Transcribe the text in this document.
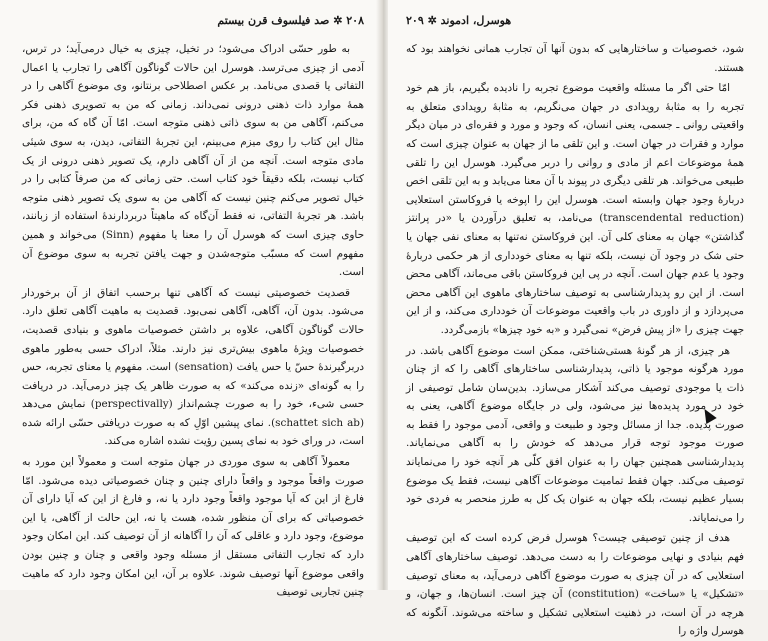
۲۰۸ ✲ صد فیلسوف قرن بیستم

به طور حسّی ادراک می‌شود؛ در تخیل، چیزی به خیال درمی‌آید؛ در ترس، آدمی از چیزی می‌ترسد. هوسرل این حالات گوناگون آگاهی را تجارب یا اعمال التفاتی یا قصدی می‌نامد. بر عکس اصطلاحی برنتانو، وی موضوع آگاهی را در همهٔ موارد ذات ذهنی درونی نمی‌داند. زمانی که من به تصویری ذهنی فکر می‌کنم، آگاهی من به سوی ذاتی ذهنی متوجه است. امّا آن گاه که من، برای مثال این کتاب را روی میزم می‌بینم، این تجربهٔ التفاتی، دیدن، به سوی شیئی مادی متوجه است. آنچه من از آن آگاهی دارم، یک تصویر ذهنی درونی از یک کتاب نیست، بلکه دقیقاً خود کتاب است. حتی زمانی که من صرفاً کتابی را در خیال تصویر می‌کنم چنین نیست که آگاهی من به سوی یک تصویر ذهنی متوجه باشد. هر تجربهٔ التفاتی، نه فقط آن‌گاه که ماهیتاً دربردارندهٔ استفاده از زبانند، حاوی چیزی است که هوسرل آن را معنا یا مفهوم (Sinn) می‌خواند و همین مفهوم است که مسبّب متوجه‌شدن و جهت یافتن تجربه به سوی موضوع آن است.

قصدیت خصوصیتی نیست که آگاهی تنها برحسب اتفاق از آن برخوردار می‌شود. بدون آن، آگاهی، آگاهی نمی‌بود. قصدیت به ماهیت آگاهی تعلق دارد. حالات گوناگون آگاهی، علاوه بر داشتن خصوصیات ماهوی و بنیادی قصدیت، خصوصیات ویژهٔ ماهوی بیش‌تری نیز دارند. مثلاً، ادراک حسی به‌طور ماهوی دربرگیرندهٔ حسّ یا حس یافت (sensation) است. مفهوم یا معنای تجربه، حس را به گونه‌ای «زنده می‌کند» که به صورت ظاهر یک چیز درمی‌آید. در دریافت حسی شیء، خود را به صورت چشم‌انداز (perspectivally) نمایش می‌دهد (schattet sich ab). نمای پیشین اوّلِ که به صورت دریافتی حسّی ارائه شده است، در ورای خود به نمای پسین رؤیت نشده اشاره می‌کند.

معمولاً آگاهی به سوی موردی در جهان متوجه است و معمولاً این مورد به صورت واقعاً موجود و واقعاً دارای چنین و چنان خصوصیاتی دیده می‌شود. امّا فارغ از این که آیا موجود واقعاً وجود دارد یا نه، و فارغ از این که آیا دارای آن خصوصیاتی که برای آن منظور شده، هست یا نه، این حالت از آگاهی، یا این موضوع، وجود دارد و عاقلی که آن را آگاهانه از آن توصیف کند. این امکان وجود دارد که تجارب التفاتی مستقل از مسئله وجود واقعی و چنان و چنین بودن واقعی موضوع آنها توصیف شوند. علاوه بر آن، این امکان وجود دارد که ماهیت چنین تجاربی توصیف

هوسرل، ادموند ✲ ۲۰۹

شود، خصوصیات و ساختارهایی که بدون آنها آن تجارب همانی نخواهند بود که هستند.

امّا حتی اگر ما مسئله واقعیت موضوع تجربه را نادیده بگیریم، باز هم خود تجربه را به مثابهٔ رویدادی در جهان می‌نگریم، به مثابهٔ رویدادی متعلق به واقعیتی روانی ـ جسمی، یعنی انسان، که وجود و مورد و فقره‌ای در میان دیگر موارد و فقرات در جهان است. و این تلقی ما از جهان به عنوان چیزی است که همهٔ موضوعات اعم از مادی و روانی را دربر می‌گیرد. هوسرل این را تلقی طبیعی می‌خواند. هر تلقی دیگری در پیوند با آن معنا می‌یابد و به این تلقی اخص دربارهٔ وجود جهان وابسته است. هوسرل این را اپوخه یا فروکاستن استعلایی (transcendental reduction) می‌نامد، به تعلیق درآوردن یا «در پرانتز گذاشتن» جهان به معنای کلی آن. این فروکاستن نه‌تنها به معنای نفی جهان یا حتی شک در وجود آن نیست، بلکه تنها به معنای خودداری از هر حکمی دربارهٔ وجود یا عدم جهان است. آنچه در پی این فروکاستن باقی می‌ماند، آگاهی محض است. از این رو پدیدارشناسی به توصیف ساختارهای ماهوی این آگاهی محض می‌پردازد و از داوری در باب واقعیت موضوعات آن خودداری می‌کند، و از این جهت چیزی را «از پیش فرض» نمی‌گیرد و «به خود چیزها» بازمی‌گردد.

هر چیزی، از هر گونهٔ هستی‌شناختی، ممکن است موضوع آگاهی باشد. در مورد هرگونه موجود یا ذاتی، پدیدارشناسی ساختارهای آگاهی را که از چنان ذات یا موجودی توصیف می‌کند آشکار می‌سازد. بدین‌سان شامل توصیفی از خود در مورد پدیده‌ها نیز می‌شود، ولی در جایگاه موضوع آگاهی، یعنی به صورت پدیده. جدا از مسائل وجود و طبیعت و واقعی، آدمی موجود را فقط به صورت موجود توجه قرار می‌دهد که خودش را به آگاهی می‌نمایاند. پدیدارشناسی همچنین جهان را به عنوان افق کلّی هر آنچه خود را می‌نمایاند توصیف می‌کند. جهان فقط تمامیت موضوعات آگاهی نیست، فقط یک موضوع بسیار عظیم نیست، بلکه جهان به عنوان یک کل به طرز منحصر به فردی خود را می‌نمایاند.

هدف از چنین توصیفی چیست؟ هوسرل فرض کرده است که این توصیف فهم بنیادی و نهایی موضوعات را به دست می‌دهد. توصیف ساختارهای آگاهی استعلایی که در آن چیزی به صورت موضوع آگاهی درمی‌آید، به معنای توصیف «تشکیل» یا «ساخت» (constitution) آن چیز است. انسان‌ها، و جهان، و هرچه در آن است، در ذهنیت استعلایی تشکیل و ساخته می‌شوند. آنگونه که هوسرل واژه را
